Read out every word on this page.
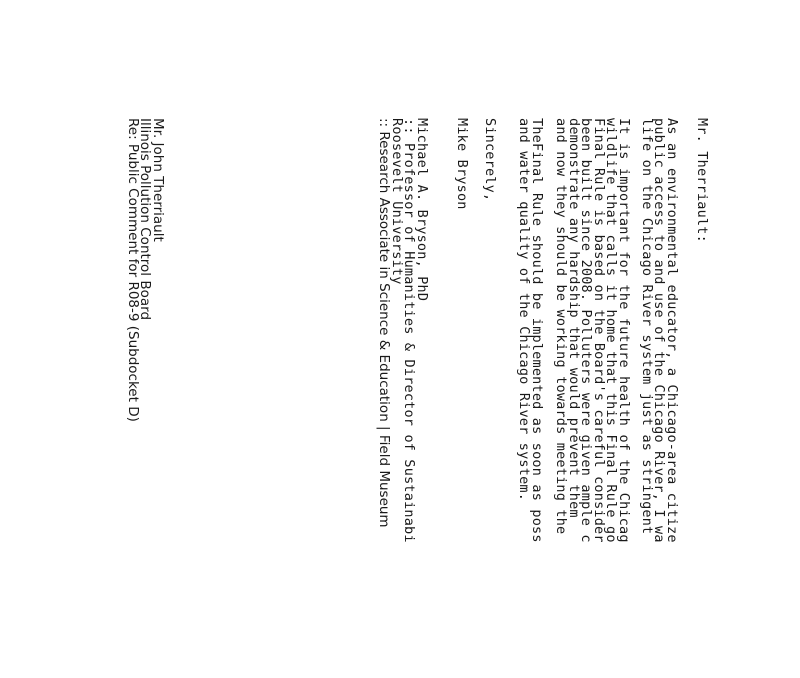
Mr. Therriault:
As an environmental educator, a Chicago-area citize
public access to and use of the Chicago River, I wa
life on the Chicago River system just as stringent
It is important for the future health of the Chicag
wildlife that calls it home that this Final Rule go
Final Rule is based on the Board's careful consider
been built since 2008. Polluters were given ample c
demonstrate any hardship that would prevent them
and now they should be working towards meeting the
TheFinal Rule should be implemented as soon as poss
and water quality of the Chicago River system.
Sincerely,
Mike Bryson
Michael A. Bryson, PhD
:: Professor of Humanities & Director of Sustainabi
Roosevelt University
:: Research Associate in Science & Education | Field Museum
Mr. John Therriault
Illinois Pollution Control Board
Re: Public Comment for R08-9 (Subdocket D)
